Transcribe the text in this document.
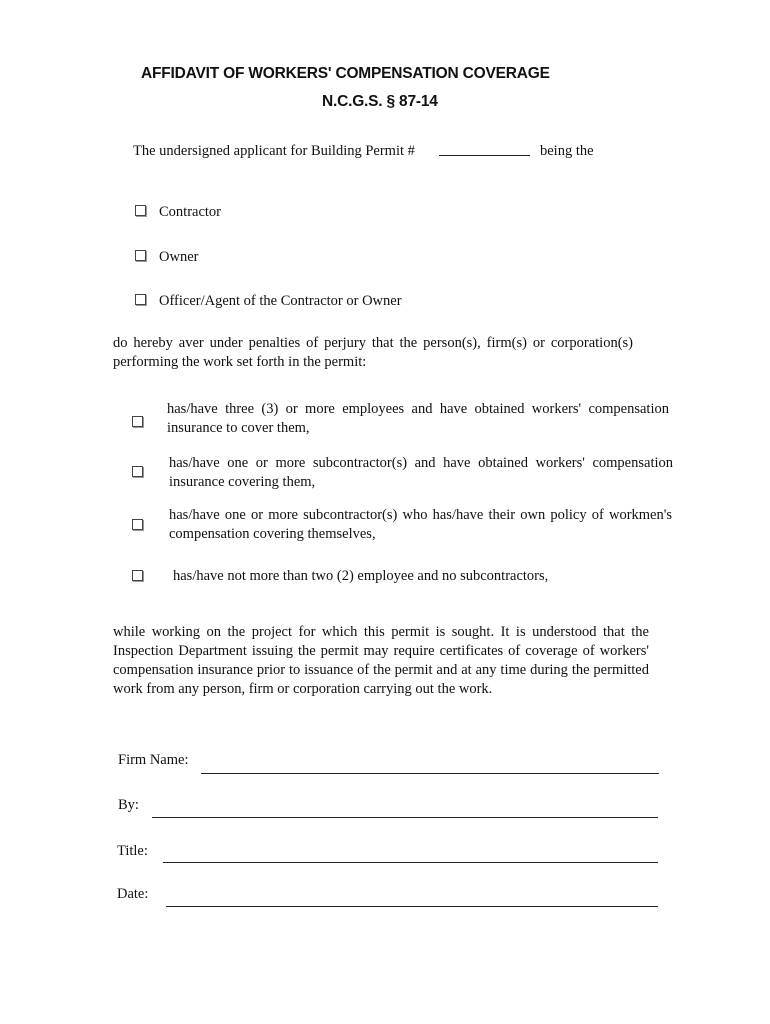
AFFIDAVIT OF WORKERS' COMPENSATION COVERAGE
N.C.G.S. § 87-14
The undersigned applicant for Building Permit #	being the
Contractor
Owner
Officer/Agent of the Contractor or Owner
do hereby aver under penalties of perjury that the person(s), firm(s) or corporation(s) performing the work set forth in the permit:
has/have three (3) or more employees and have obtained workers' compensation insurance to cover them,
has/have one or more subcontractor(s) and have obtained workers' compensation insurance covering them,
has/have one or more subcontractor(s) who has/have their own policy of workmen's compensation covering themselves,
has/have not more than two (2) employee and no subcontractors,
while working on the project for which this permit is sought. It is understood that the Inspection Department issuing the permit may require certificates of coverage of workers' compensation insurance prior to issuance of the permit and at any time during the permitted work from any person, firm or corporation carrying out the work.
Firm Name:
By:
Title:
Date:
